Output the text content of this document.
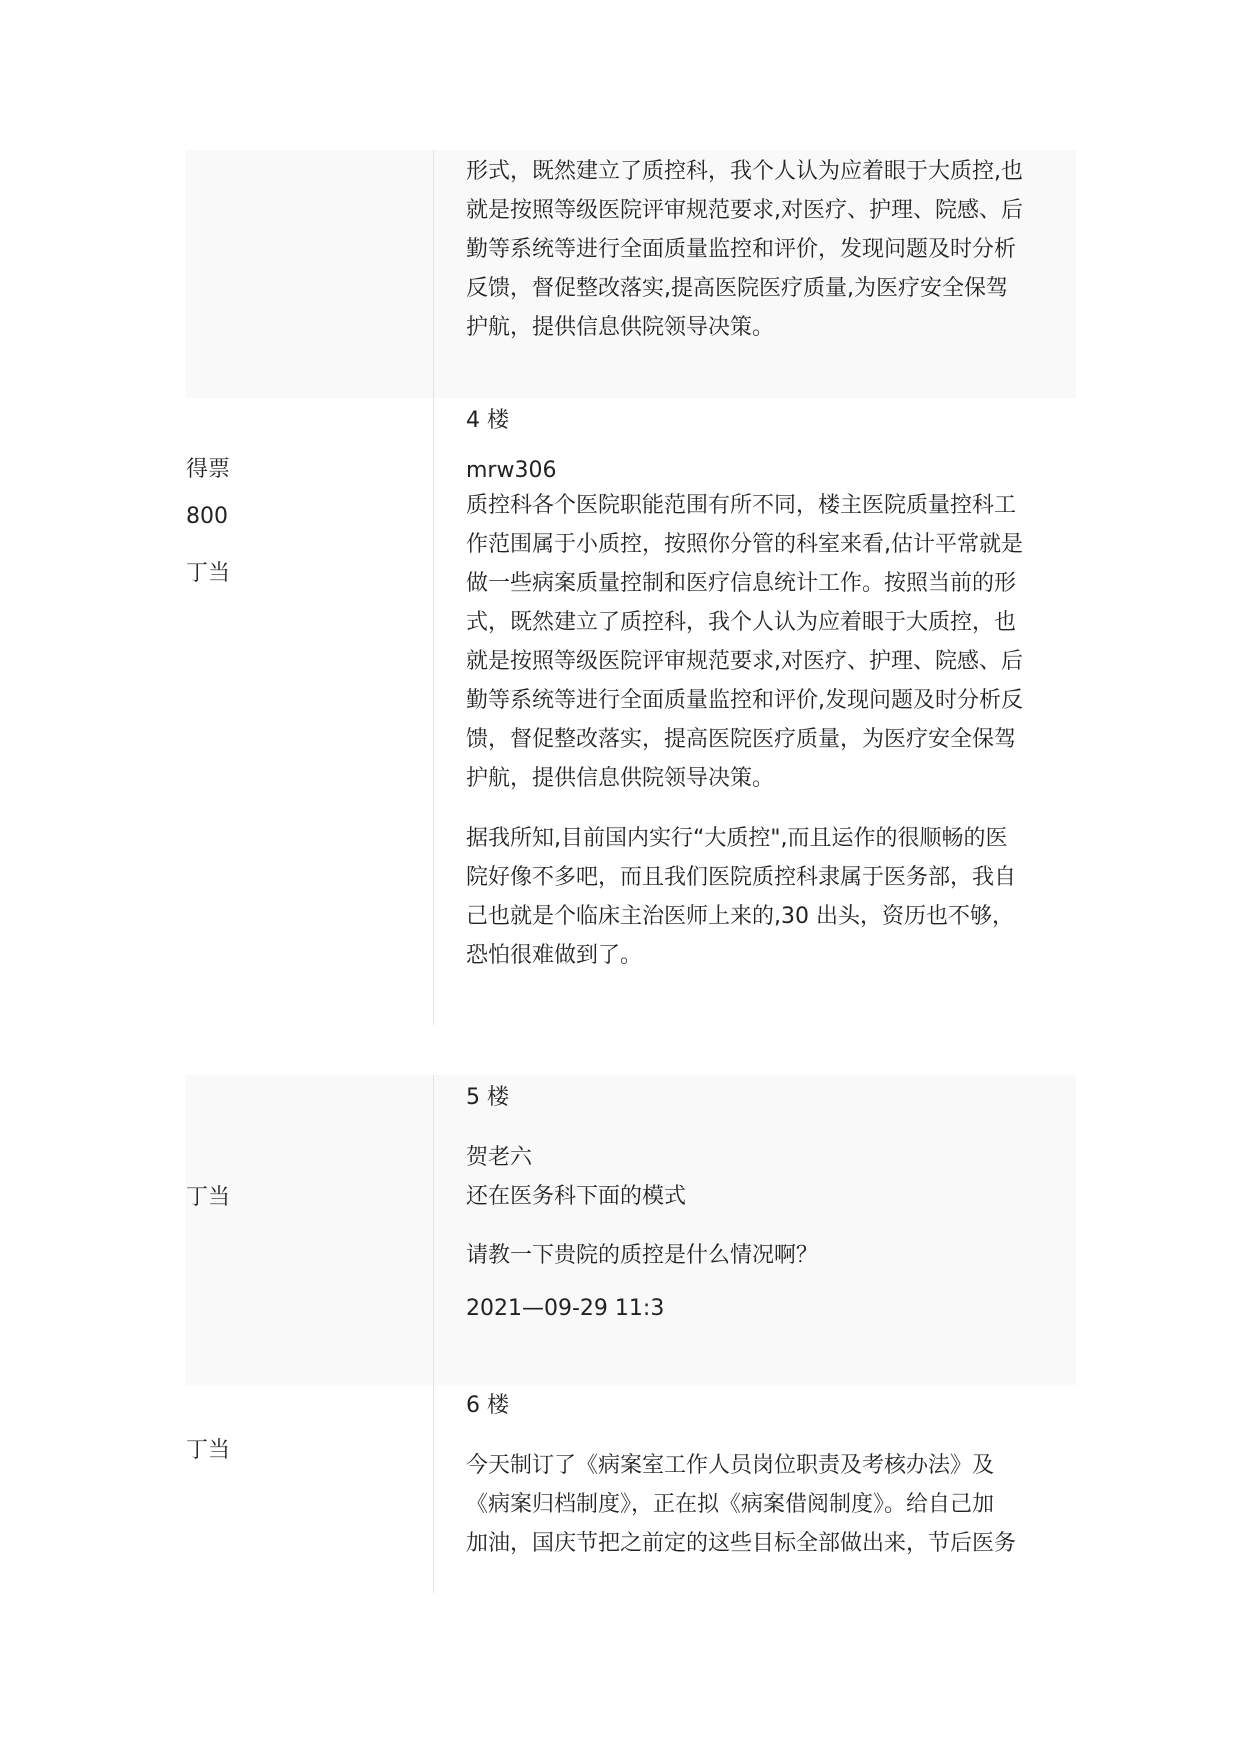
形式，既然建立了质控科，我个人认为应着眼于大质控,也

就是按照等级医院评审规范要求,对医疗、护理、院感、后

勤等系统等进行全面质量监控和评价，发现问题及时分析

反馈，督促整改落实,提高医院医疗质量,为医疗安全保驾

护航，提供信息供院领导决策。

得票
800
丁当
4 楼
mrw306

质控科各个医院职能范围有所不同，楼主医院质量控科工

作范围属于小质控，按照你分管的科室来看,估计平常就是

做一些病案质量控制和医疗信息统计工作。按照当前的形

式，既然建立了质控科，我个人认为应着眼于大质控，也

就是按照等级医院评审规范要求,对医疗、护理、院感、后

勤等系统等进行全面质量监控和评价,发现问题及时分析反

馈，督促整改落实，提高医院医疗质量，为医疗安全保驾

护航，提供信息供院领导决策。

据我所知,目前国内实行“大质控",而且运作的很顺畅的医

院好像不多吧，而且我们医院质控科隶属于医务部，我自

己也就是个临床主治医师上来的,30 出头，资历也不够，

恐怕很难做到了。

丁当
5 楼
贺老六
还在医务科下面的模式
请教一下贵院的质控是什么情况啊？
2021—09-29 11:3
丁当
6 楼

今天制订了《病案室工作人员岗位职责及考核办法》及

《病案归档制度》，正在拟《病案借阅制度》。给自己加

加油，国庆节把之前定的这些目标全部做出来，节后医务
